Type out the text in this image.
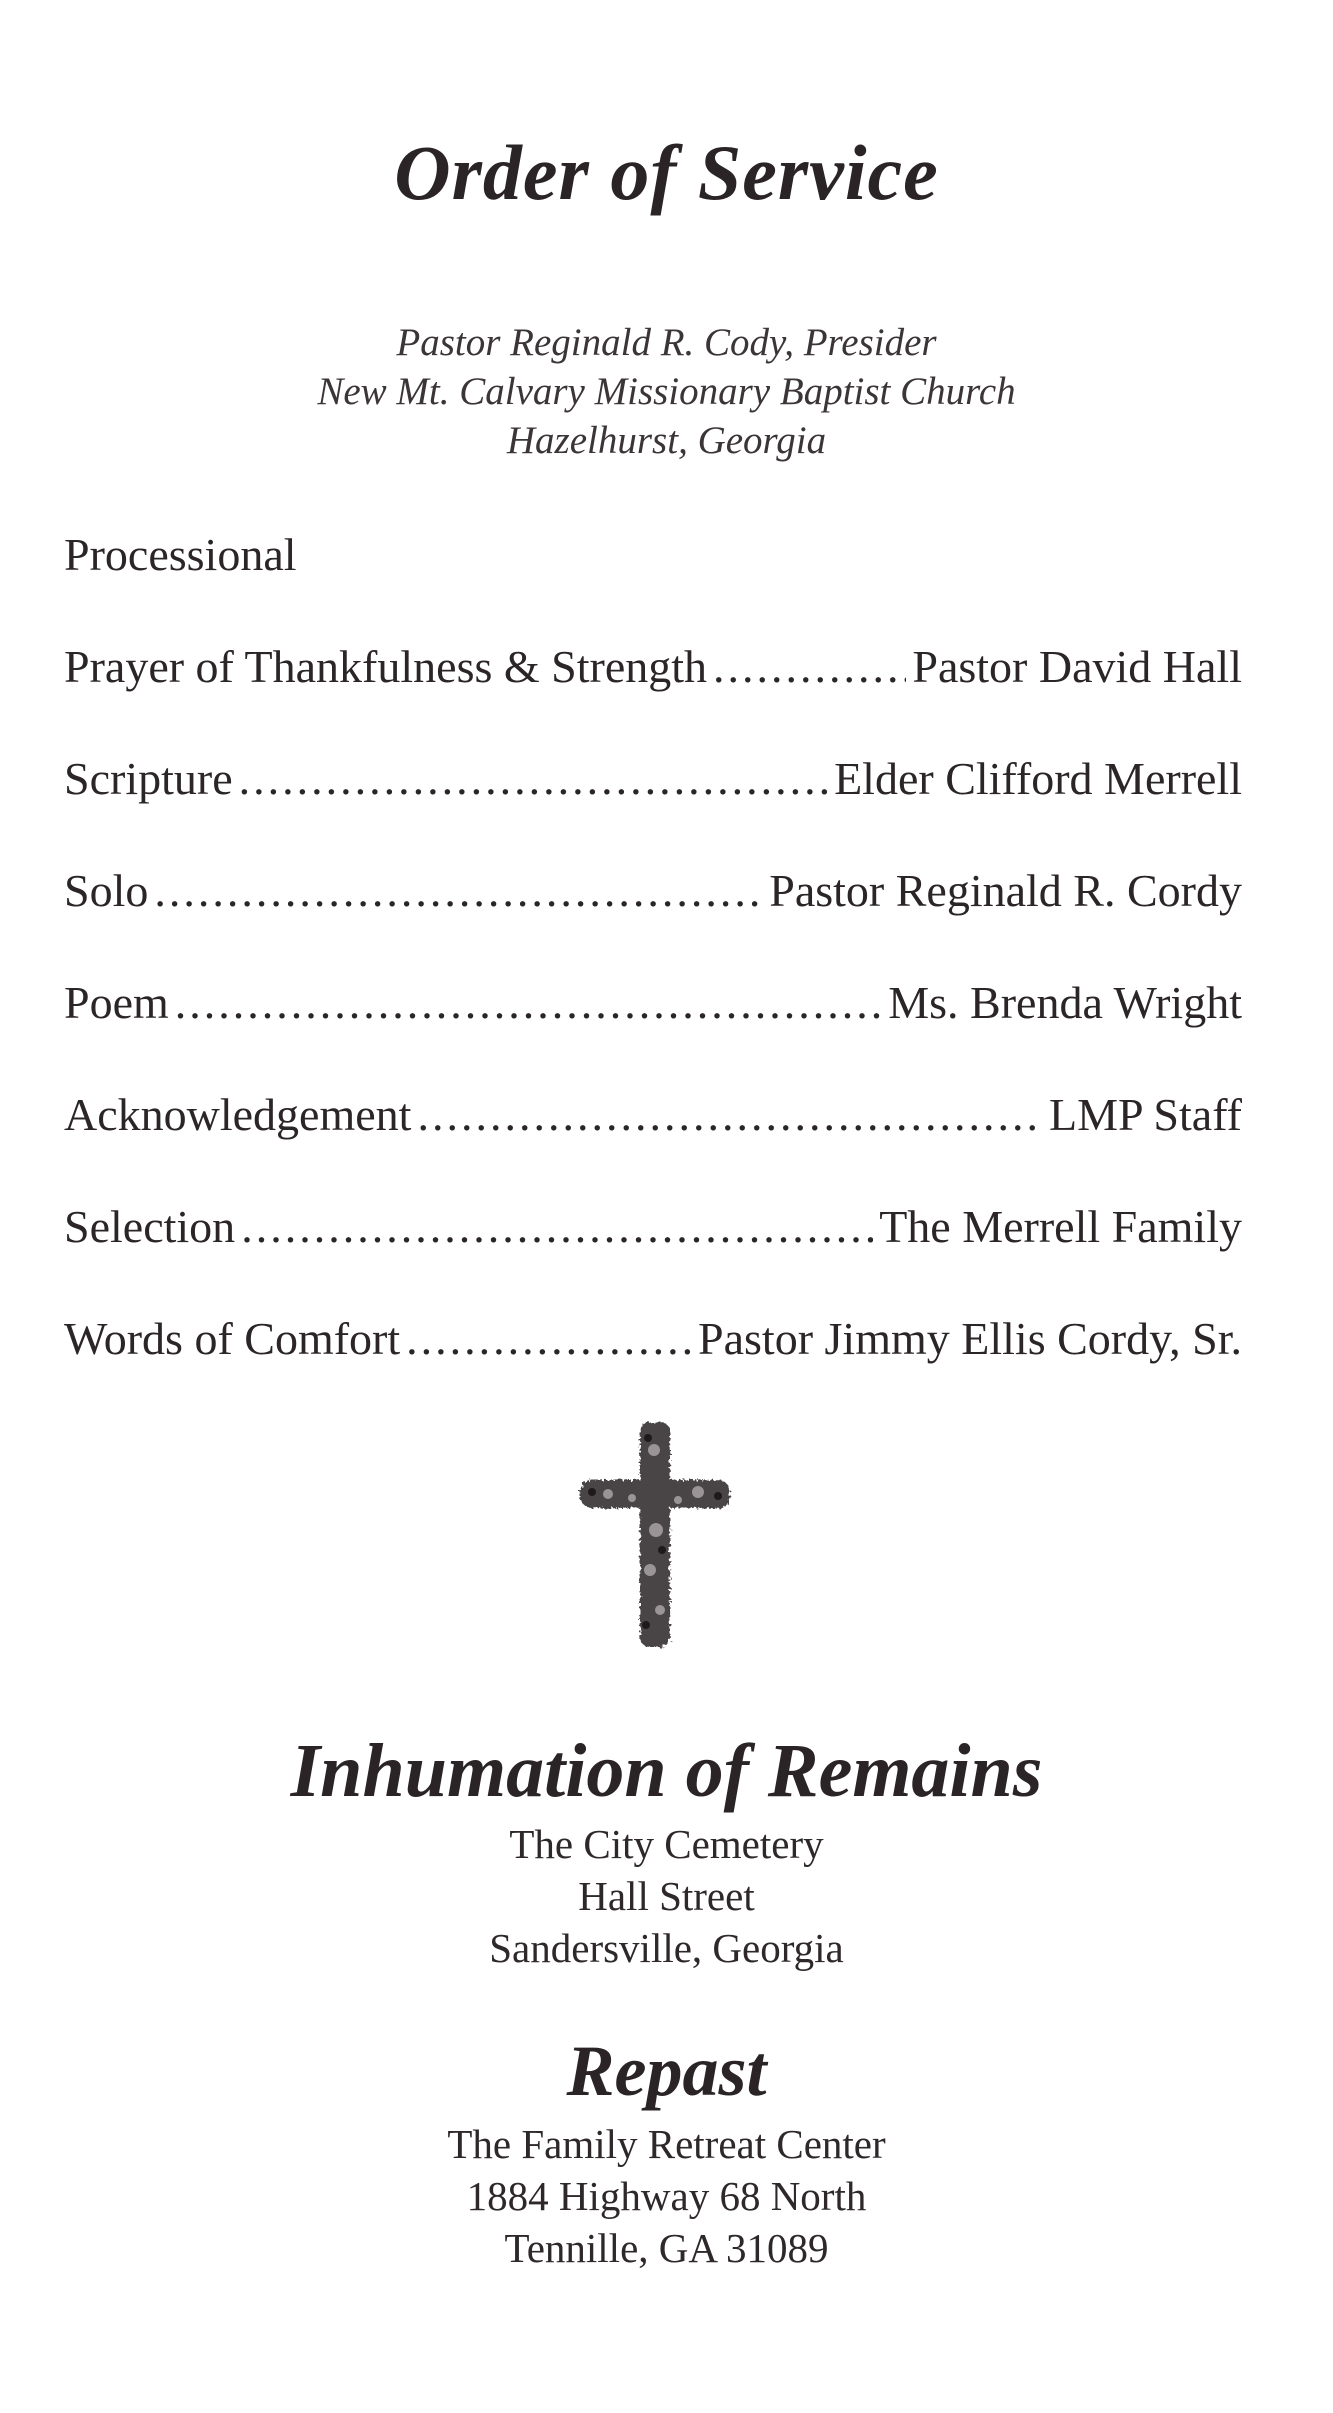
Order of Service
Pastor Reginald R. Cody, Presider
New Mt. Calvary Missionary Baptist Church
Hazelhurst, Georgia
Processional
Prayer of Thankfulness & Strength .....	Pastor David Hall
Scripture .....	Elder Clifford Merrell
Solo .....	Pastor Reginald R. Cordy
Poem .....	Ms. Brenda Wright
Acknowledgement .....	LMP Staff
Selection .....	The Merrell Family
Words of Comfort .....	Pastor Jimmy Ellis Cordy, Sr.
Inhumation of Remains
The City Cemetery
Hall Street
Sandersville, Georgia
Repast
The Family Retreat Center
1884 Highway 68 North
Tennille, GA 31089
